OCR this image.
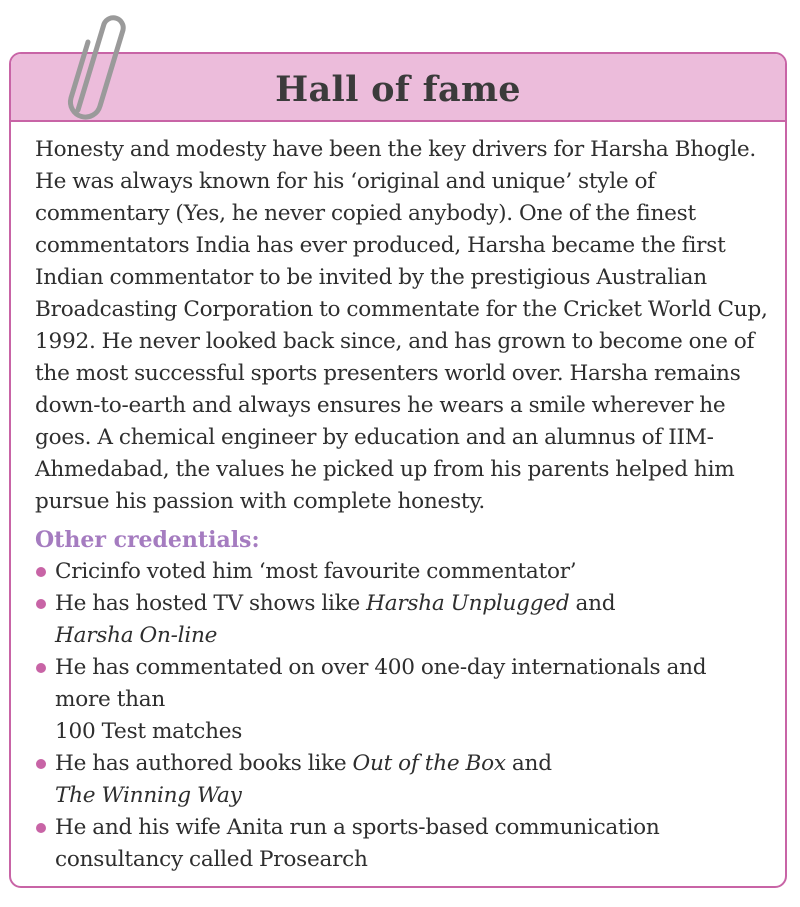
Hall of fame

Honesty and modesty have been the key drivers for Harsha Bhogle. He was always known for his ‘original and unique’ style of commentary (Yes, he never copied anybody). One of the finest commentators India has ever produced, Harsha became the first Indian commentator to be invited by the prestigious Australian Broadcasting Corporation to commentate for the Cricket World Cup, 1992. He never looked back since, and has grown to become one of the most successful sports presenters world over. Harsha remains down-to-earth and always ensures he wears a smile wherever he goes. A chemical engineer by education and an alumnus of IIM-Ahmedabad, the values he picked up from his parents helped him pursue his passion with complete honesty.

Other credentials:
Cricinfo voted him ‘most favourite commentator’
He has hosted TV shows like Harsha Unplugged and
Harsha On-line
He has commentated on over 400 one-day internationals and
more than
100 Test matches
He has authored books like Out of the Box and
The Winning Way
He and his wife Anita run a sports-based communication
consultancy called Prosearch
